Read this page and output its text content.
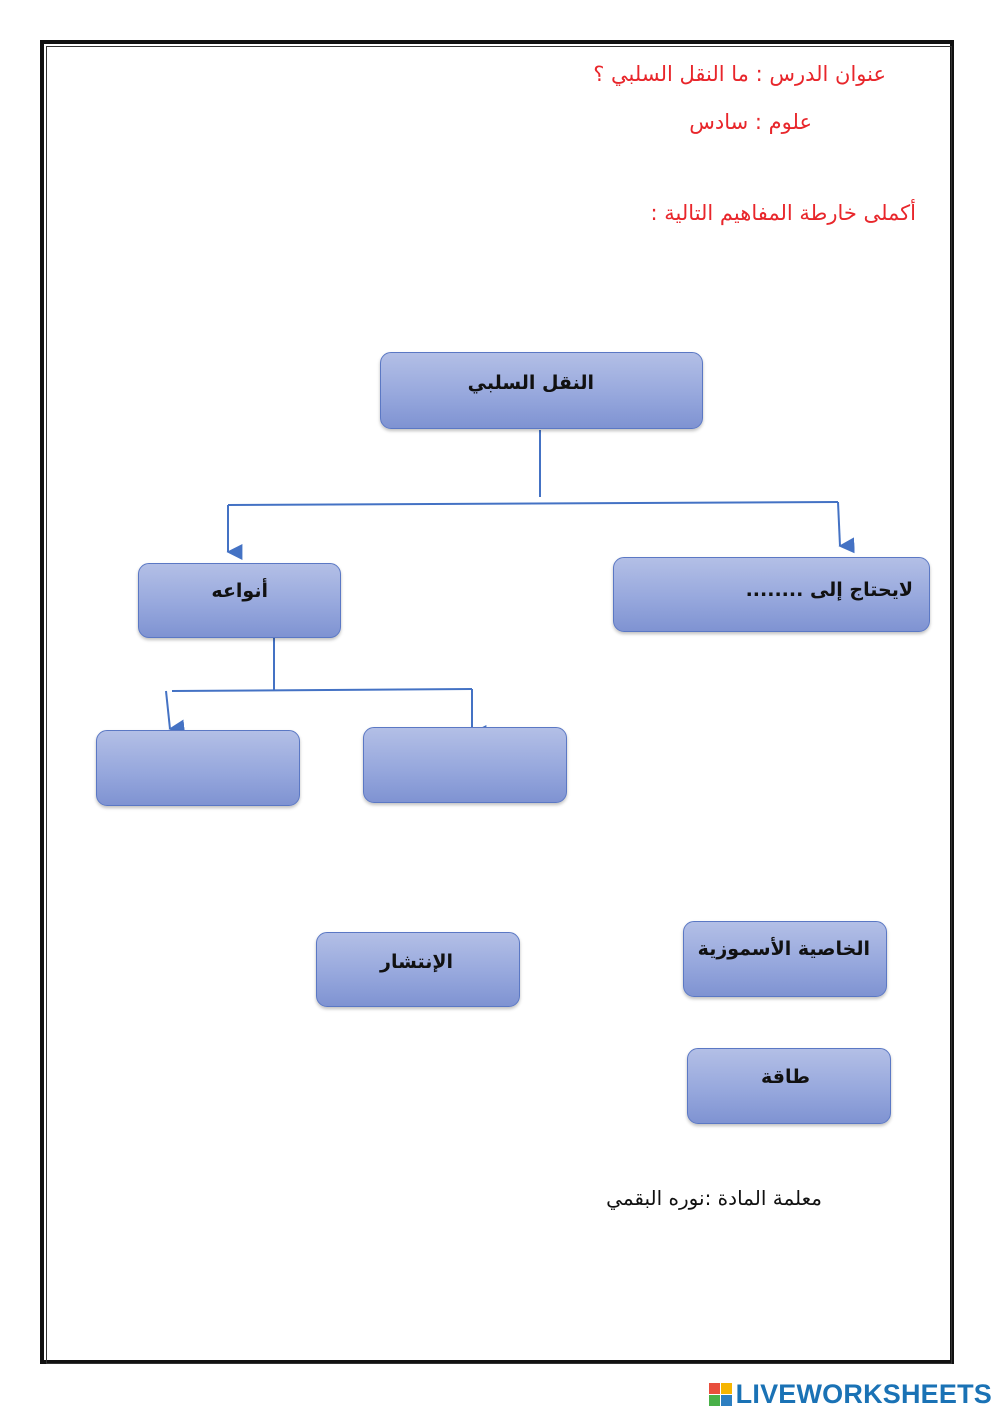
عنوان الدرس : ما النقل السلبي ؟
علوم : سادس
أكملى خارطة المفاهيم التالية :
النقل السلبي
أنواعه	لايحتاج إلى ........
الإنتشار
الخاصية الأسموزية
طاقة
معلمة المادة :نوره البقمي
LIVEWORKSHEETS
